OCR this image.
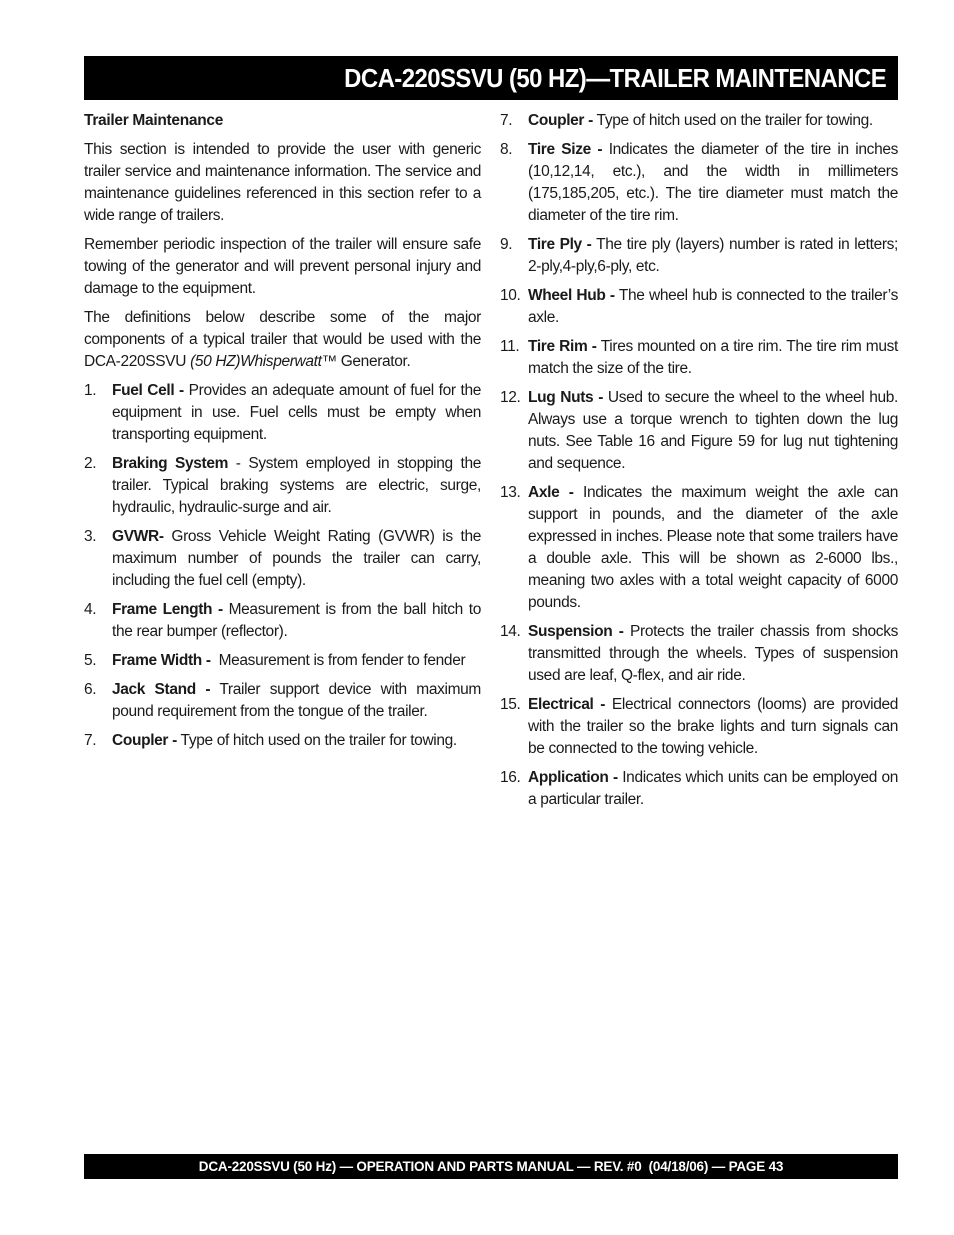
DCA-220SSVU (50 HZ)—TRAILER MAINTENANCE
Trailer Maintenance

This section is intended to provide the user with generic trailer service and maintenance information. The service and maintenance guidelines referenced in this section refer to a wide range of trailers.

Remember periodic inspection of the trailer will ensure safe towing of the generator and will prevent personal injury and damage to the equipment.

The definitions below describe some of the major components of a typical trailer that would be used with the DCA-220SSVU (50 HZ)Whisperwatt™ Generator.

1.	Fuel Cell - Provides an adequate amount of fuel for the equipment in use. Fuel cells must be empty when transporting equipment.
2.	Braking System - System employed in stopping the trailer. Typical braking systems are electric, surge, hydraulic, hydraulic-surge and air.
3.	GVWR- Gross Vehicle Weight Rating (GVWR) is the maximum number of pounds the trailer can carry, including the fuel cell (empty).
4.	Frame Length - Measurement is from the ball hitch to the rear bumper (reflector).
5.	Frame Width -  Measurement is from fender to fender
6.	Jack Stand - Trailer support device with maximum pound requirement from the tongue of the trailer.
7.	Coupler - Type of hitch used on the trailer for towing.
7.	Coupler - Type of hitch used on the trailer for towing.
8.	Tire Size - Indicates the diameter of the tire in inches (10,12,14, etc.), and the width in millimeters (175,185,205, etc.). The tire diameter must match the diameter of the tire rim.
9.	Tire Ply - The tire ply (layers) number is rated in letters; 2-ply,4-ply,6-ply, etc.
10. Wheel Hub - The wheel hub is connected to the trailer’s axle.
11. Tire Rim - Tires mounted on a tire rim. The tire rim must match the size of the tire.
12. Lug Nuts - Used to secure the wheel to the wheel hub. Always use a torque wrench to tighten down the lug nuts. See Table 16 and Figure 59 for lug nut tightening and sequence.
13. Axle - Indicates the maximum weight the axle can support in pounds, and the diameter of the axle expressed in inches. Please note that some trailers have a double axle. This will be shown as 2-6000 lbs., meaning two axles with a total weight capacity of 6000 pounds.
14. Suspension - Protects the trailer chassis from shocks transmitted through the wheels. Types of suspension used are leaf, Q-flex, and air ride.
15. Electrical - Electrical connectors (looms) are provided with the trailer so the brake lights and turn signals can be connected to the towing vehicle.
16. Application - Indicates which units can be employed on a particular trailer.
DCA-220SSVU (50 Hz) — OPERATION AND PARTS MANUAL — REV. #0  (04/18/06) — PAGE 43
